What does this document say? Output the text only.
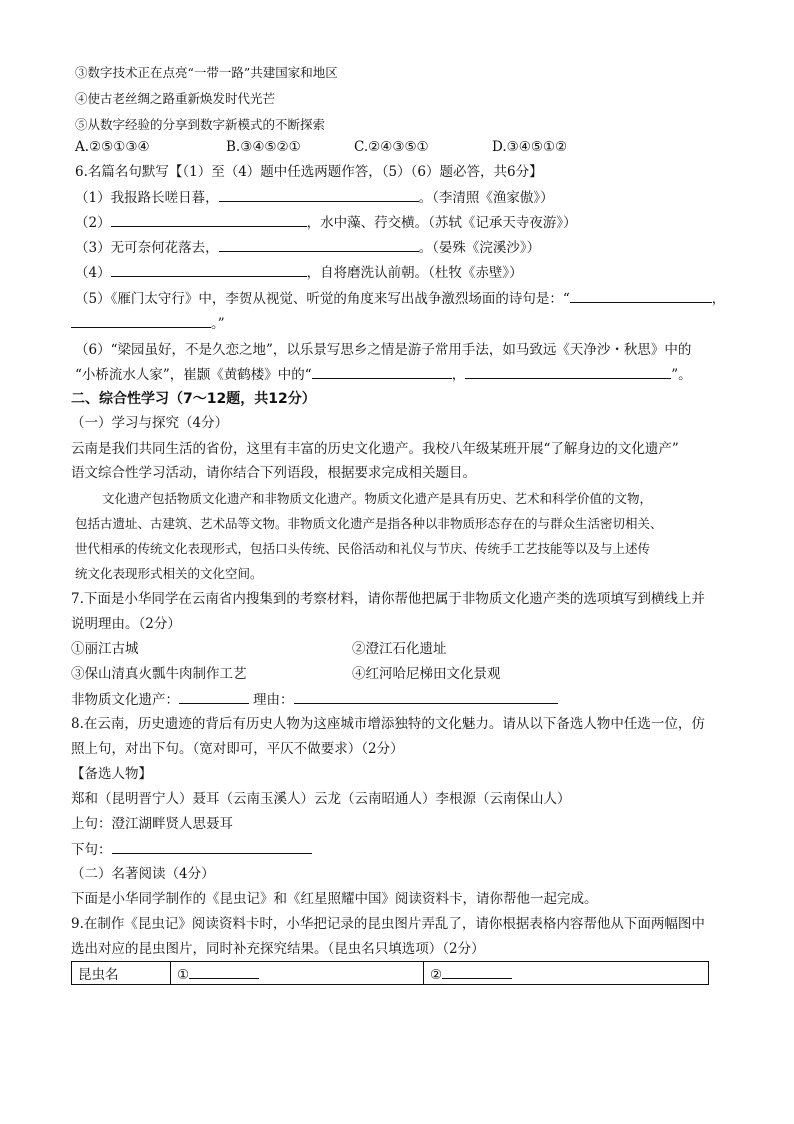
③数字技术正在点亮“一带一路”共建国家和地区
④使古老丝绸之路重新焕发时代光芒
⑤从数字经验的分享到数字新模式的不断探索
A.②⑤①③④	B.③④⑤②①	C.②④③⑤①	D.③④⑤①②
6.名篇名句默写【（1）至（4）题中任选两题作答，（5）（6）题必答，共6分】
（1）我报路长嗟日暮，	。（李清照《渔家傲》）
（2）	，水中藻、荇交横。（苏轼《记承天寺夜游》）
（3）无可奈何花落去，	。（晏殊《浣溪沙》）
（4）	，自将磨洗认前朝。（杜牧《赤壁》）
（5）《雁门太守行》中，李贺从视觉、听觉的角度来写出战争激烈场面的诗句是：“	，
。”
（6）“梁园虽好，不是久恋之地”，以乐景写思乡之情是游子常用手法，如马致远《天净沙・秋思》中的
“小桥流水人家”，崔颢《黄鹤楼》中的“	，	”。
二、综合性学习（7～12题，共12分）
（一）学习与探究（4分）
云南是我们共同生活的省份，这里有丰富的历史文化遗产。我校八年级某班开展“了解身边的文化遗产”
语文综合性学习活动，请你结合下列语段，根据要求完成相关题目。
文化遗产包括物质文化遗产和非物质文化遗产。物质文化遗产是具有历史、艺术和科学价值的文物，
包括古遗址、古建筑、艺术品等文物。非物质文化遗产是指各种以非物质形态存在的与群众生活密切相关、
世代相承的传统文化表现形式，包括口头传统、民俗活动和礼仪与节庆、传统手工艺技能等以及与上述传
统文化表现形式相关的文化空间。
7.下面是小华同学在云南省内搜集到的考察材料，请你帮他把属于非物质文化遗产类的选项填写到横线上并
说明理由。（2分）
①丽江古城	②澄江石化遗址
③保山清真火瓢牛肉制作工艺	④红河哈尼梯田文化景观
非物质文化遗产：	理由：
8.在云南，历史遗迹的背后有历史人物为这座城市增添独特的文化魅力。请从以下备选人物中任选一位，仿
照上句，对出下句。（宽对即可，平仄不做要求）（2分）
【备选人物】
郑和（昆明晋宁人）聂耳（云南玉溪人）云龙（云南昭通人）李根源（云南保山人）
上句：澄江湖畔贤人思聂耳
下句：
（二）名著阅读（4分）
下面是小华同学制作的《昆虫记》和《红星照耀中国》阅读资料卡，请你帮他一起完成。
9.在制作《昆虫记》阅读资料卡时，小华把记录的昆虫图片弄乱了，请你根据表格内容帮他从下面两幅图中
选出对应的昆虫图片，同时补充探究结果。（昆虫名只填选项）（2分）
昆虫名	①	②
